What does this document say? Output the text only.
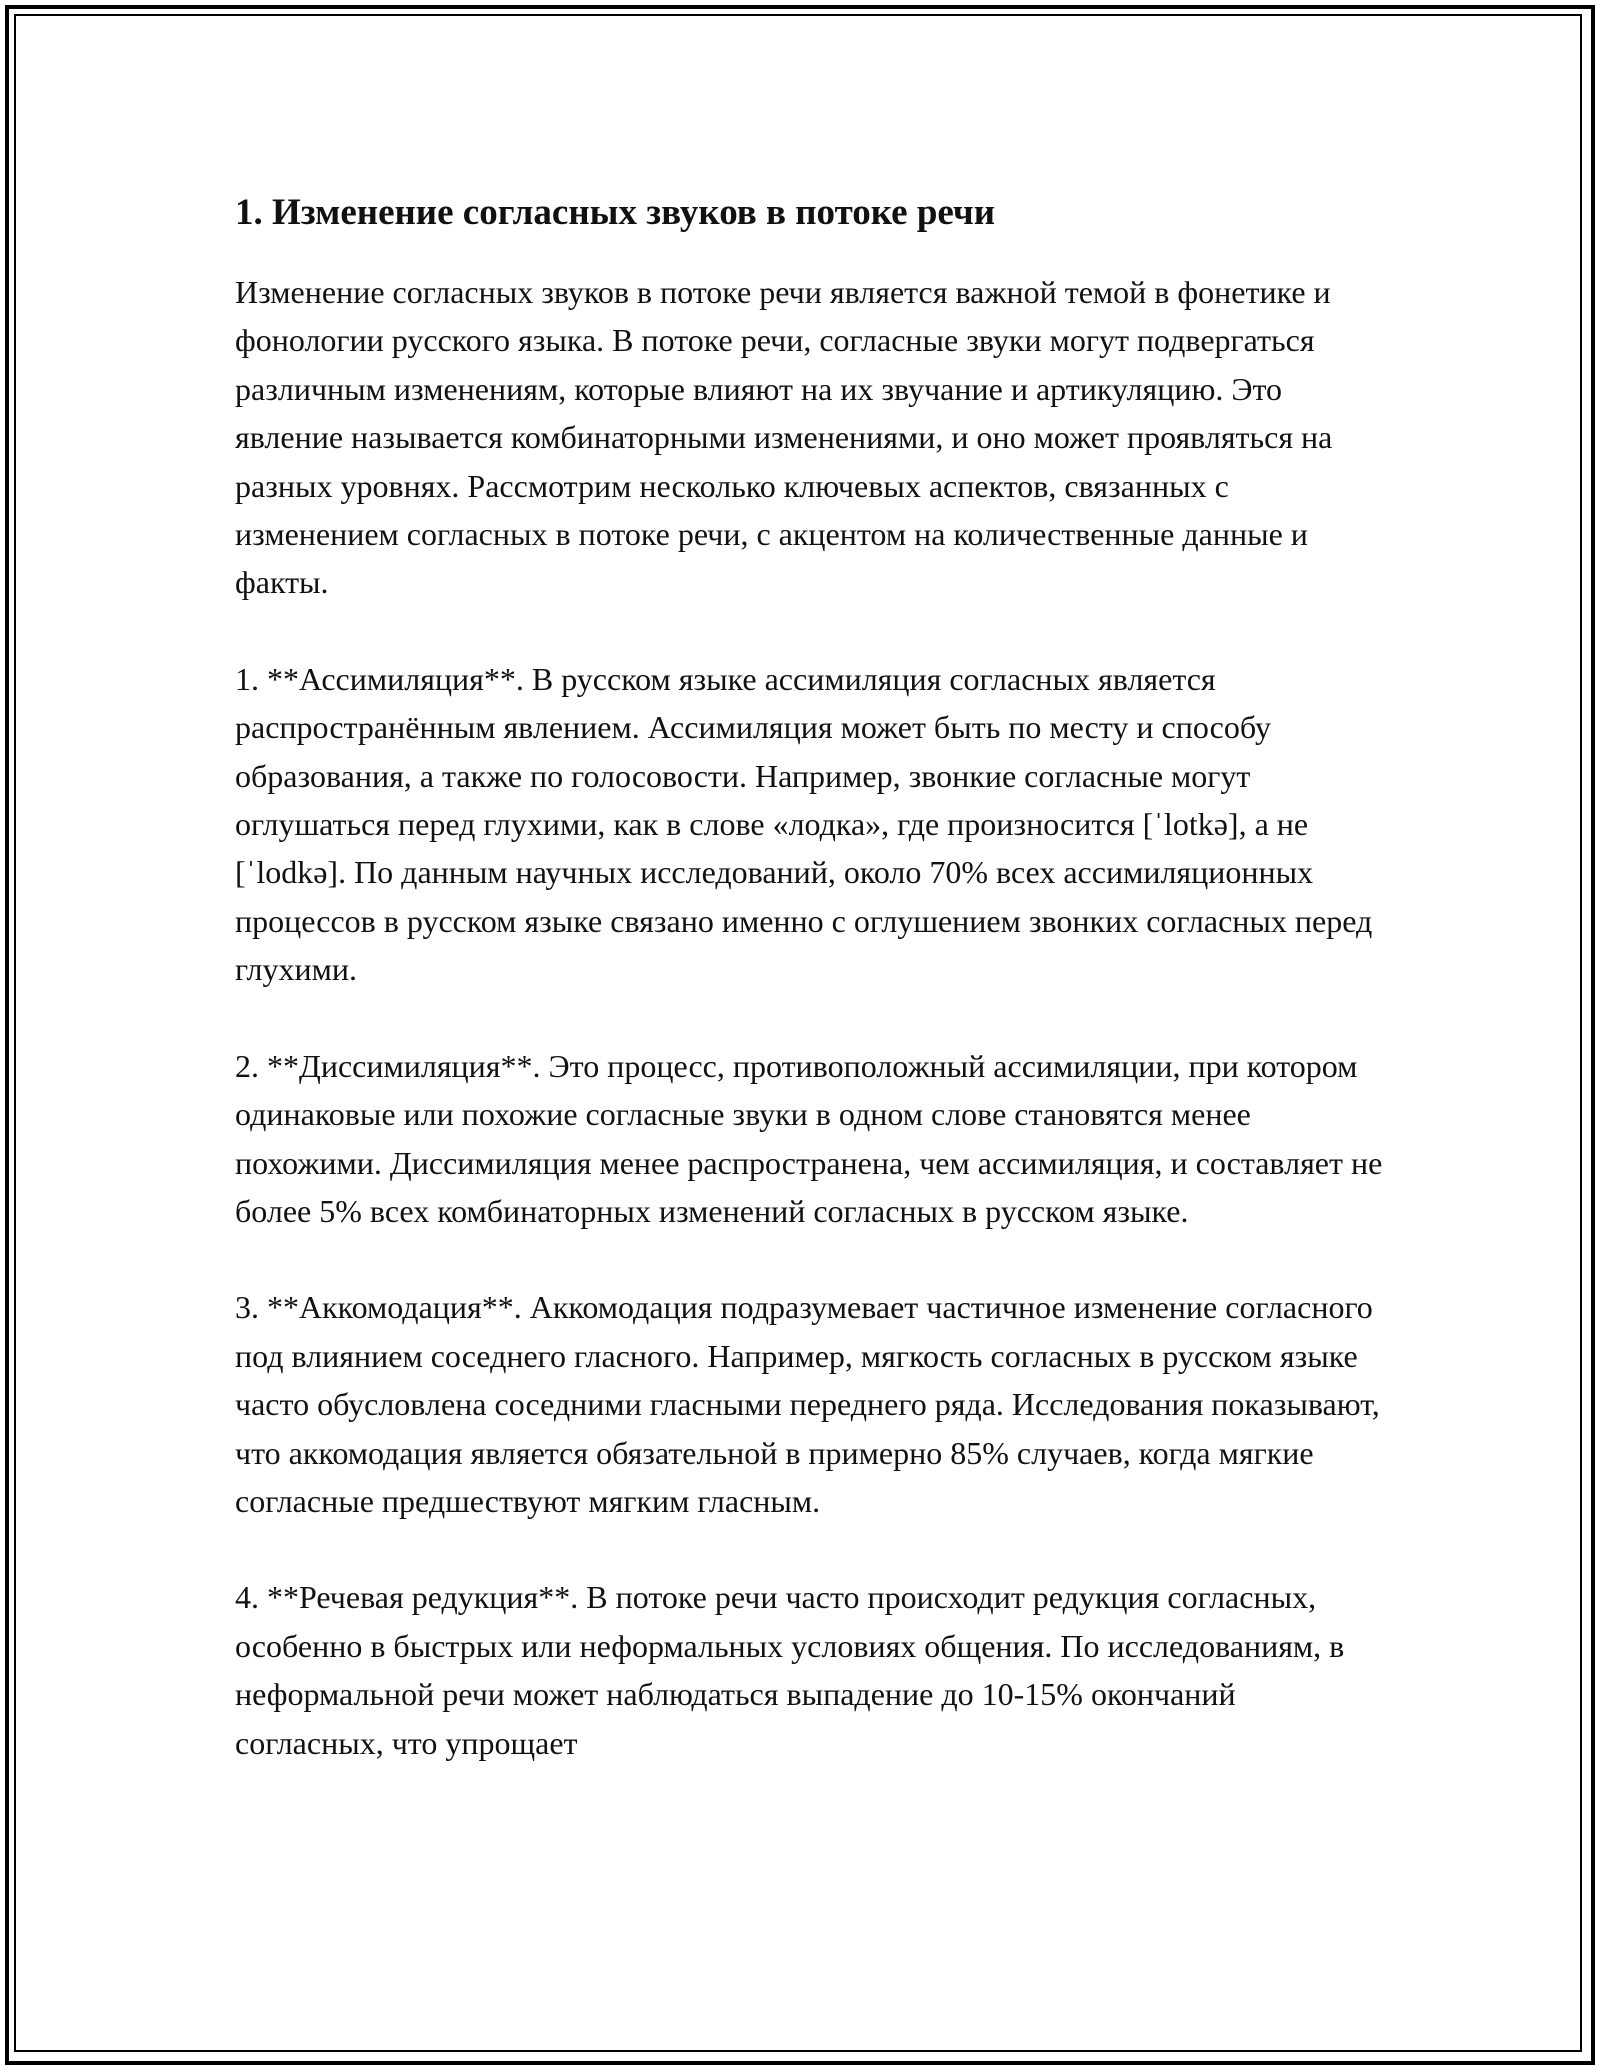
1. Изменение согласных звуков в потоке речи

Изменение согласных звуков в потоке речи является важной темой в фонетике и фонологии русского языка. В потоке речи, согласные звуки могут подвергаться различным изменениям, которые влияют на их звучание и артикуляцию. Это явление называется комбинаторными изменениями, и оно может проявляться на разных уровнях. Рассмотрим несколько ключевых аспектов, связанных с изменением согласных в потоке речи, с акцентом на количественные данные и факты.

1. **Ассимиляция**. В русском языке ассимиляция согласных является распространённым явлением. Ассимиляция может быть по месту и способу образования, а также по голосовости. Например, звонкие согласные могут оглушаться перед глухими, как в слове «лодка», где произносится [ˈlotkə], а не [ˈlodkə]. По данным научных исследований, около 70% всех ассимиляционных процессов в русском языке связано именно с оглушением звонких согласных перед глухими.

2. **Диссимиляция**. Это процесс, противоположный ассимиляции, при котором одинаковые или похожие согласные звуки в одном слове становятся менее похожими. Диссимиляция менее распространена, чем ассимиляция, и составляет не более 5% всех комбинаторных изменений согласных в русском языке.

3. **Аккомодация**. Аккомодация подразумевает частичное изменение согласного под влиянием соседнего гласного. Например, мягкость согласных в русском языке часто обусловлена соседними гласными переднего ряда. Исследования показывают, что аккомодация является обязательной в примерно 85% случаев, когда мягкие согласные предшествуют мягким гласным.

4. **Речевая редукция**. В потоке речи часто происходит редукция согласных, особенно в быстрых или неформальных условиях общения. По исследованиям, в неформальной речи может наблюдаться выпадение до 10-15% окончаний согласных, что упрощает
